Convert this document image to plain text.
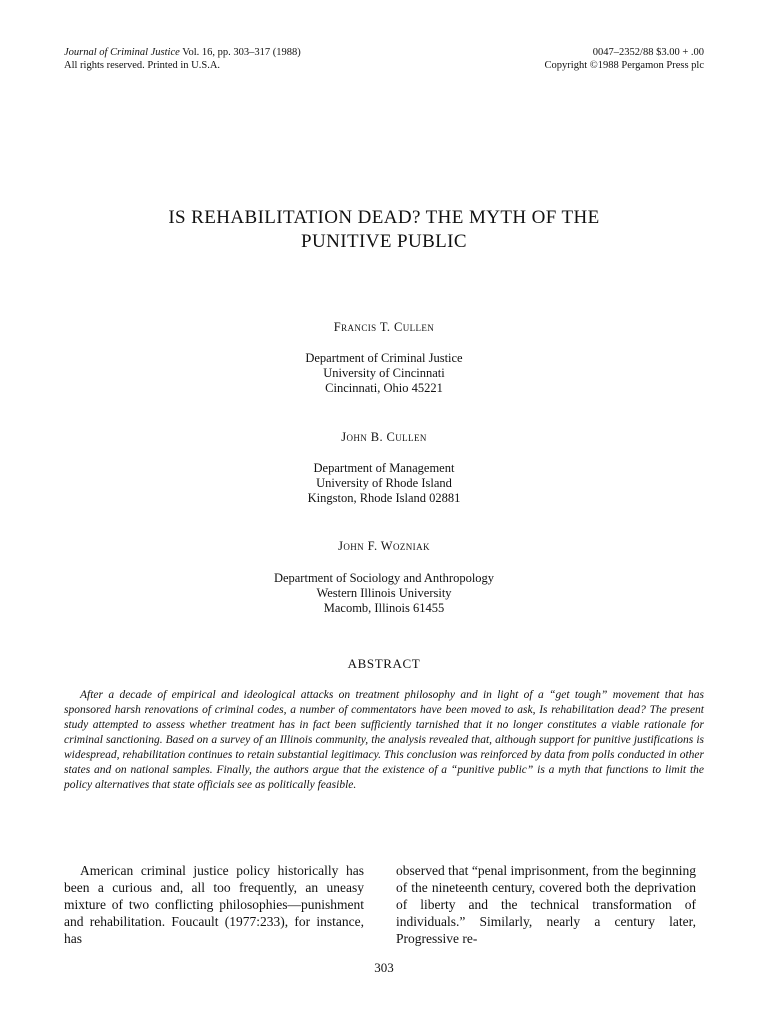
Journal of Criminal Justice Vol. 16, pp. 303–317 (1988)
All rights reserved. Printed in U.S.A.
0047–2352/88 $3.00 + .00
Copyright ©1988 Pergamon Press plc
IS REHABILITATION DEAD? THE MYTH OF THE
PUNITIVE PUBLIC
Francis T. Cullen
Department of Criminal Justice
University of Cincinnati
Cincinnati, Ohio 45221
John B. Cullen
Department of Management
University of Rhode Island
Kingston, Rhode Island 02881
John F. Wozniak
Department of Sociology and Anthropology
Western Illinois University
Macomb, Illinois 61455
ABSTRACT
After a decade of empirical and ideological attacks on treatment philosophy and in light of a “get tough” movement that has sponsored harsh renovations of criminal codes, a number of commentators have been moved to ask, Is rehabilitation dead? The present study attempted to assess whether treatment has in fact been sufficiently tarnished that it no longer constitutes a viable rationale for criminal sanctioning. Based on a survey of an Illinois community, the analysis revealed that, although support for punitive justifications is widespread, rehabilitation continues to retain substantial legitimacy. This conclusion was reinforced by data from polls conducted in other states and on national samples. Finally, the authors argue that the existence of a “punitive public” is a myth that functions to limit the policy alternatives that state officials see as politically feasible.
American criminal justice policy historically has been a curious and, all too frequently, an uneasy mixture of two conflicting philosophies—punishment and rehabilitation. Foucault (1977:233), for instance, has
observed that “penal imprisonment, from the beginning of the nineteenth century, covered both the deprivation of liberty and the technical transformation of individuals.” Similarly, nearly a century later, Progressive re-
303
